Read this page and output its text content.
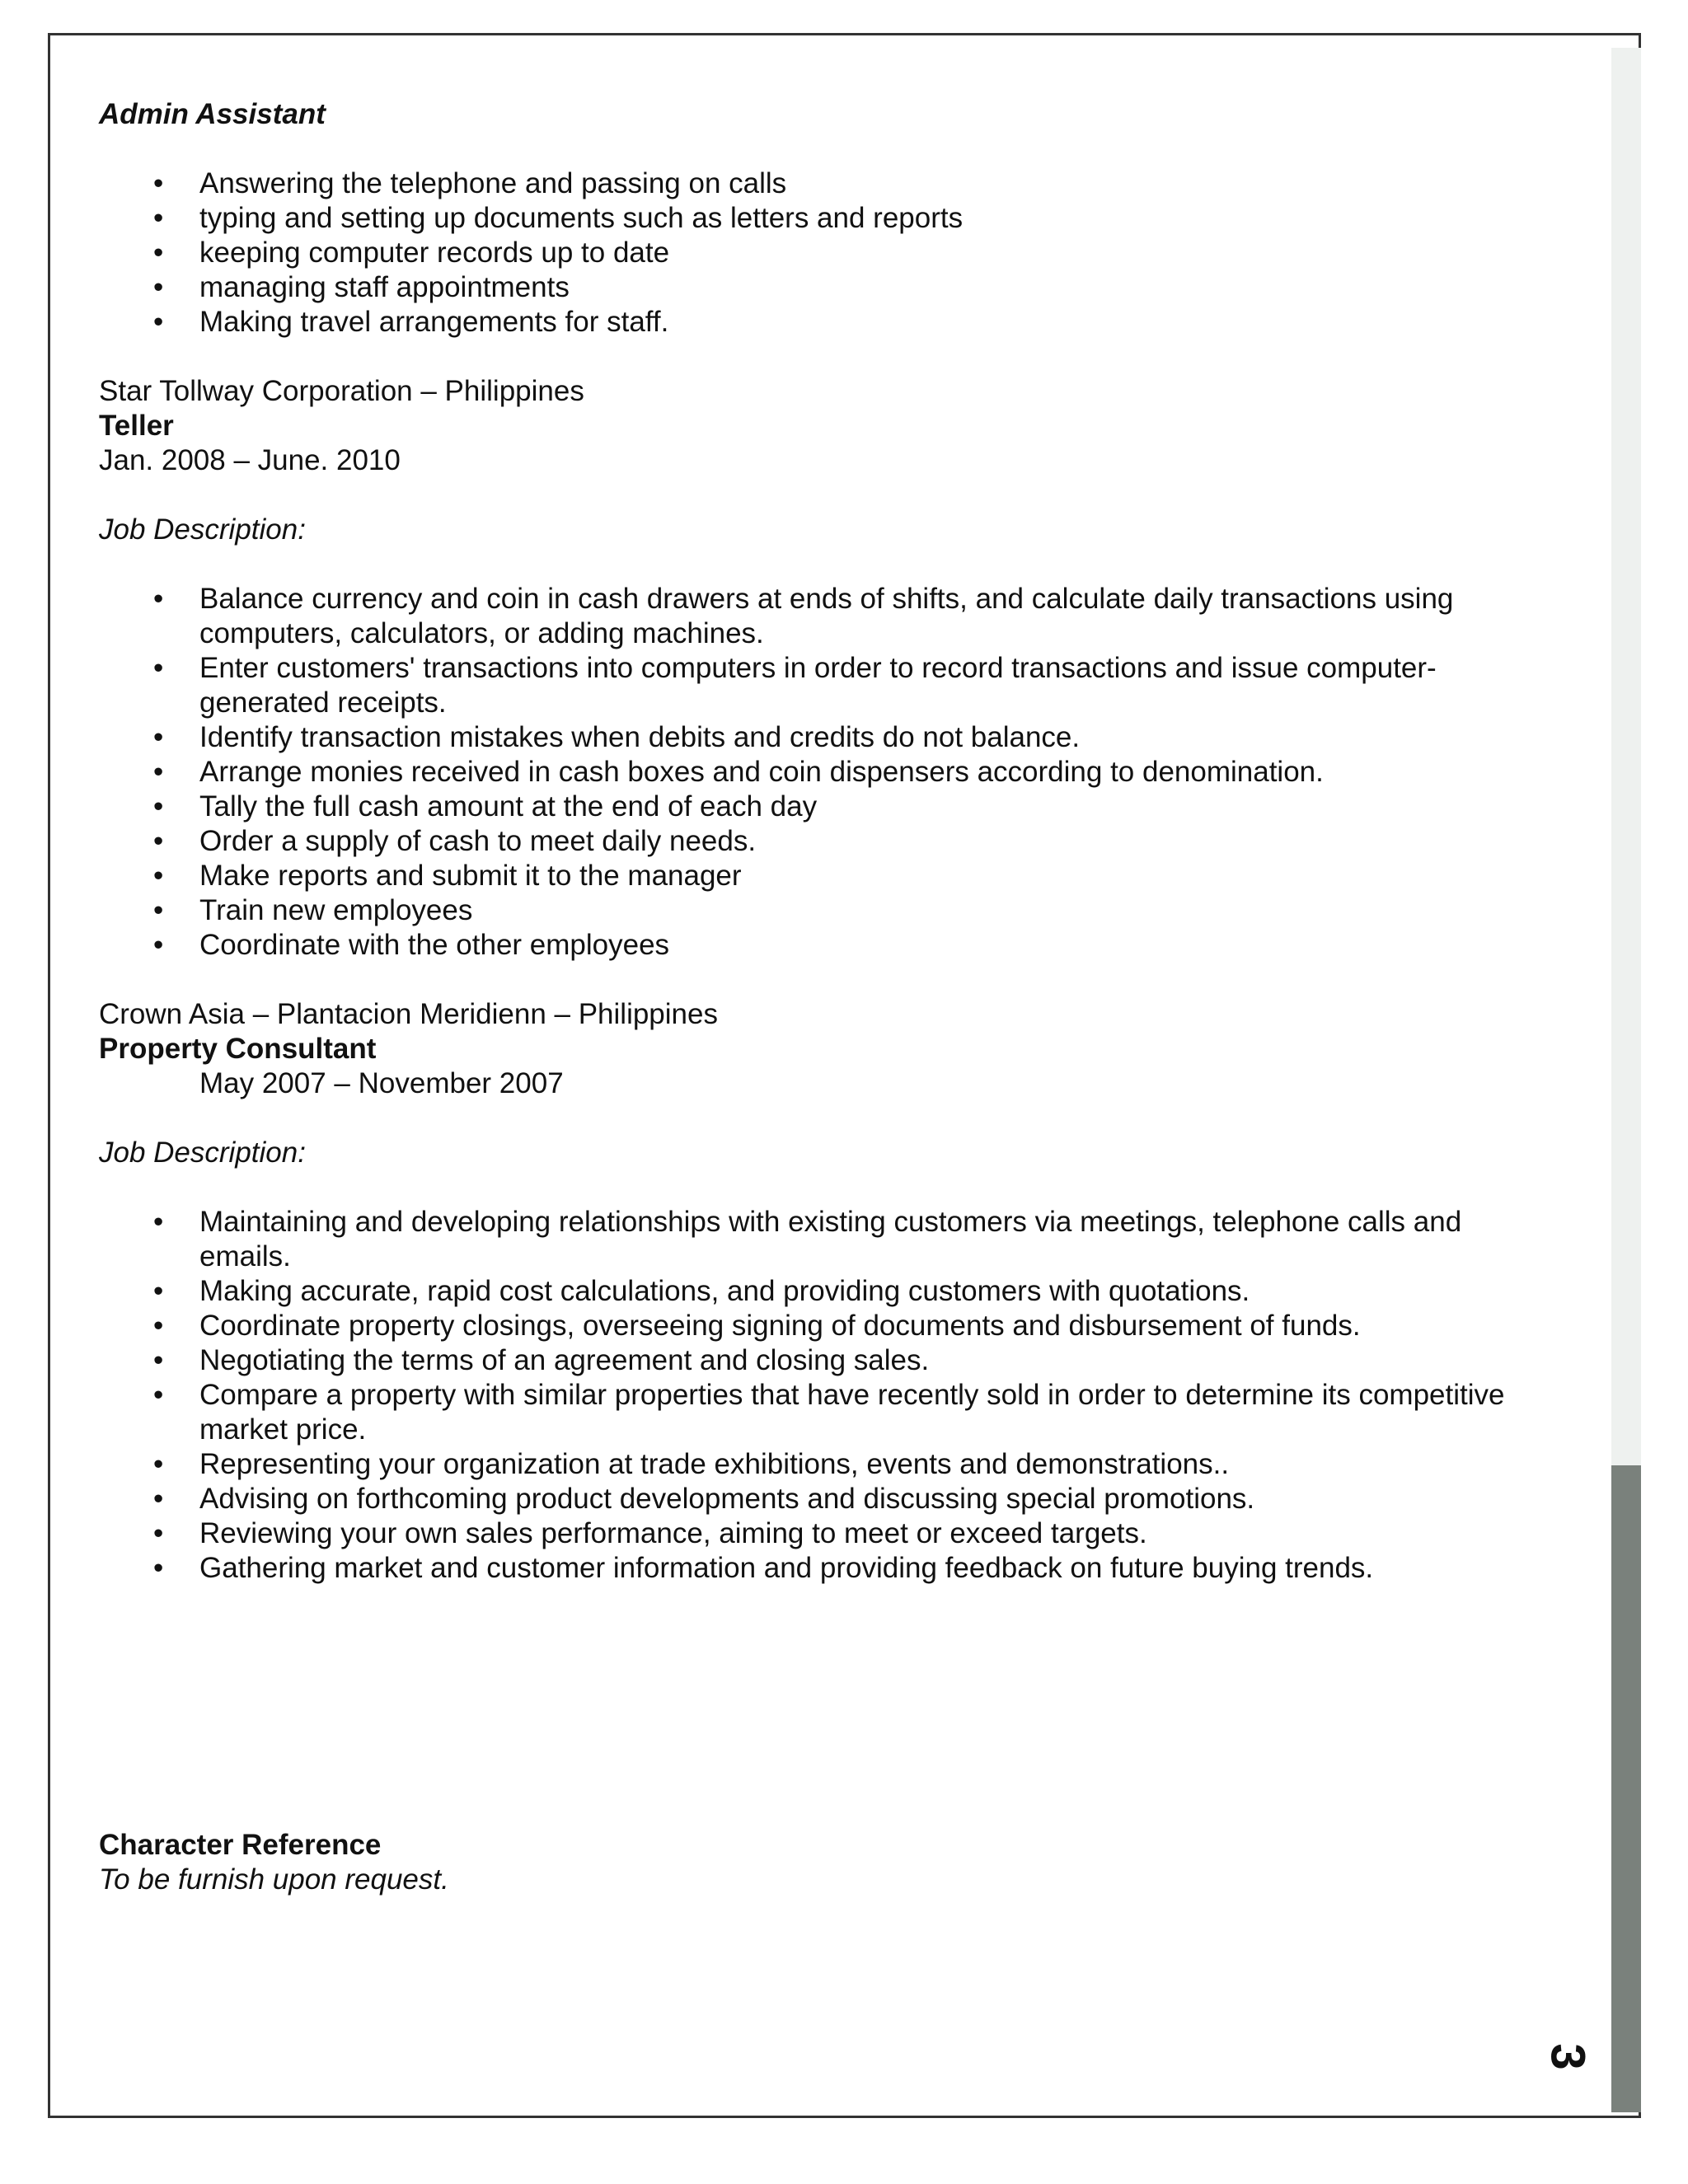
3

Admin Assistant

• Answering the telephone and passing on calls
• typing and setting up documents such as letters and reports
• keeping computer records up to date
• managing staff appointments
• Making travel arrangements for staff.

Star Tollway Corporation – Philippines

Teller

Jan. 2008 – June. 2010

Job Description:

• Balance currency and coin in cash drawers at ends of shifts, and calculate daily transactions using
computers, calculators, or adding machines.
• Enter customers' transactions into computers in order to record transactions and issue computer-
generated receipts.
• Identify transaction mistakes when debits and credits do not balance.
• Arrange monies received in cash boxes and coin dispensers according to denomination.
• Tally the full cash amount at the end of each day
• Order a supply of cash to meet daily needs.
• Make reports and submit it to the manager
• Train new employees
• Coordinate with the other employees

Crown Asia – Plantacion Meridienn – Philippines

Property Consultant

May 2007 – November 2007

Job Description:

• Maintaining and developing relationships with existing customers via meetings, telephone calls and
emails.
• Making accurate, rapid cost calculations, and providing customers with quotations.
• Coordinate property closings, overseeing signing of documents and disbursement of funds.
• Negotiating the terms of an agreement and closing sales.
• Compare a property with similar properties that have recently sold in order to determine its competitive
market price.
• Representing your organization at trade exhibitions, events and demonstrations..
• Advising on forthcoming product developments and discussing special promotions.
• Reviewing your own sales performance, aiming to meet or exceed targets.
• Gathering market and customer information and providing feedback on future buying trends.

Character Reference

To be furnish upon request.
